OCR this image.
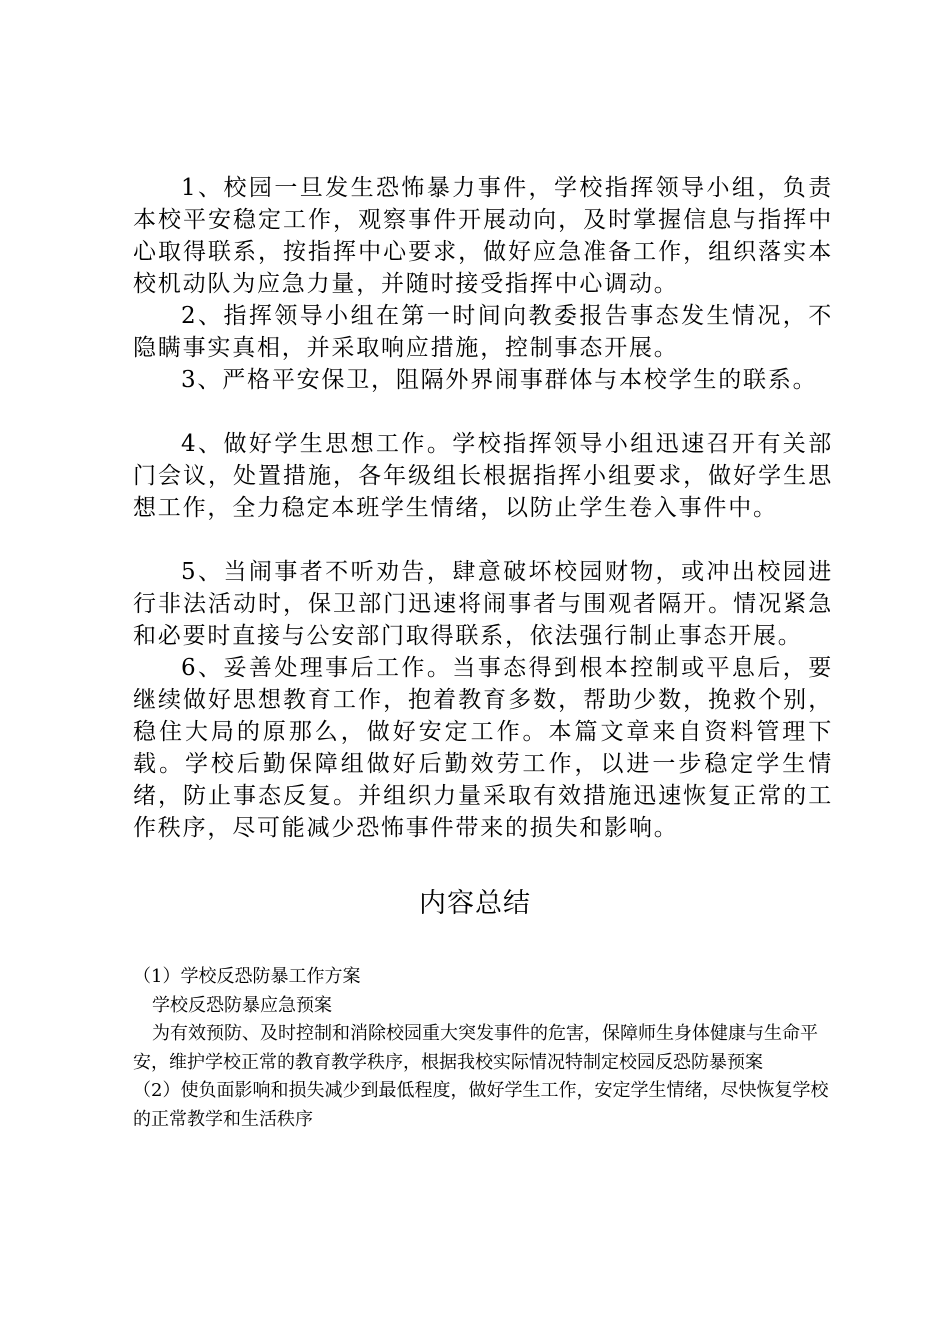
1、校园一旦发生恐怖暴力事件，学校指挥领导小组，负责本校平安稳定工作，观察事件开展动向，及时掌握信息与指挥中心取得联系，按指挥中心要求，做好应急准备工作，组织落实本校机动队为应急力量，并随时接受指挥中心调动。

2、指挥领导小组在第一时间向教委报告事态发生情况，不隐瞒事实真相，并采取响应措施，控制事态开展。

3、严格平安保卫，阻隔外界闹事群体与本校学生的联系。

4、做好学生思想工作。学校指挥领导小组迅速召开有关部门会议，处置措施，各年级组长根据指挥小组要求，做好学生思想工作，全力稳定本班学生情绪，以防止学生卷入事件中。

5、当闹事者不听劝告，肆意破坏校园财物，或冲出校园进行非法活动时，保卫部门迅速将闹事者与围观者隔开。情况紧急和必要时直接与公安部门取得联系，依法强行制止事态开展。

6、妥善处理事后工作。当事态得到根本控制或平息后，要继续做好思想教育工作，抱着教育多数，帮助少数，挽救个别，稳住大局的原那么，做好安定工作。本篇文章来自资料管理下载。学校后勤保障组做好后勤效劳工作，以进一步稳定学生情绪，防止事态反复。并组织力量采取有效措施迅速恢复正常的工作秩序，尽可能减少恐怖事件带来的损失和影响。

内容总结

（1）学校反恐防暴工作方案

学校反恐防暴应急预案

为有效预防、及时控制和消除校园重大突发事件的危害，保障师生身体健康与生命平安，维护学校正常的教育教学秩序，根据我校实际情况特制定校园反恐防暴预案

（2）使负面影响和损失减少到最低程度，做好学生工作，安定学生情绪，尽快恢复学校的正常教学和生活秩序
